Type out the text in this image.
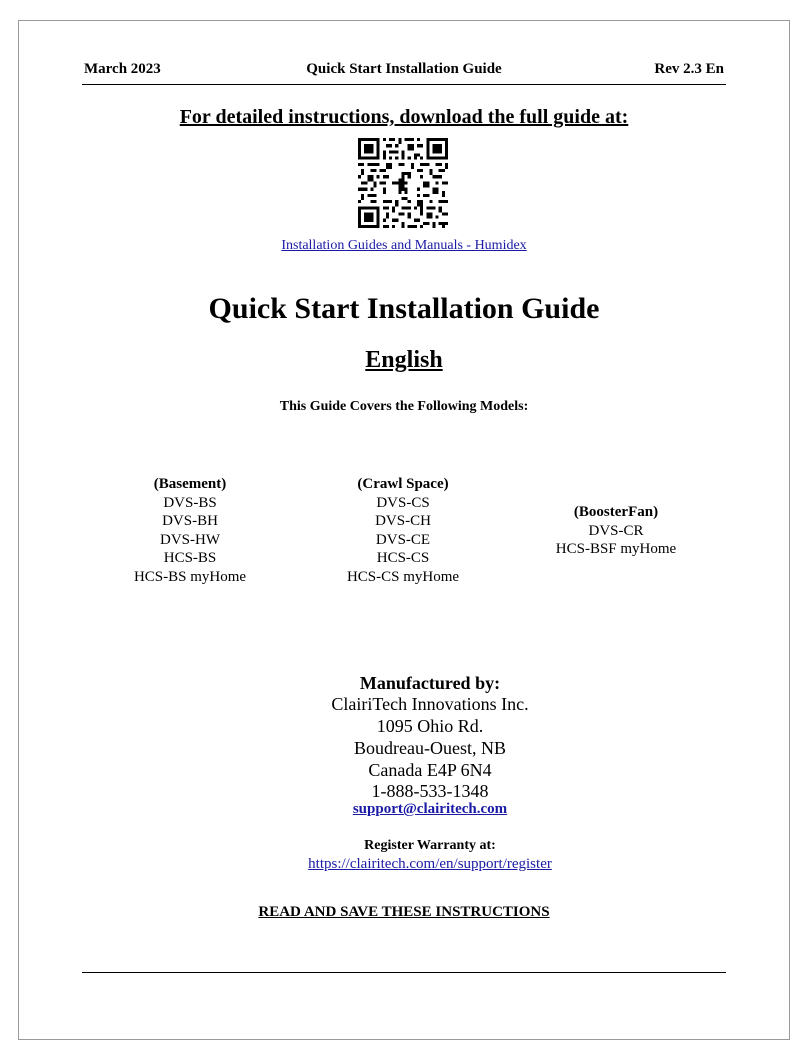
March 2023	Quick Start Installation Guide	Rev 2.3 En
For detailed instructions, download the full guide at:
Installation Guides and Manuals - Humidex
Quick Start Installation Guide
English
This Guide Covers the Following Models:
(Basement)
DVS-BS
DVS-BH
DVS-HW
HCS-BS
HCS-BS myHome
(Crawl Space)
DVS-CS
DVS-CH
DVS-CE
HCS-CS
HCS-CS myHome
(BoosterFan)
DVS-CR
HCS-BSF myHome
Manufactured by:
ClairiTech Innovations Inc.
1095 Ohio Rd.
Boudreau-Ouest, NB
Canada E4P 6N4
1-888-533-1348
support@clairitech.com
Register Warranty at:
https://clairitech.com/en/support/register
READ AND SAVE THESE INSTRUCTIONS
